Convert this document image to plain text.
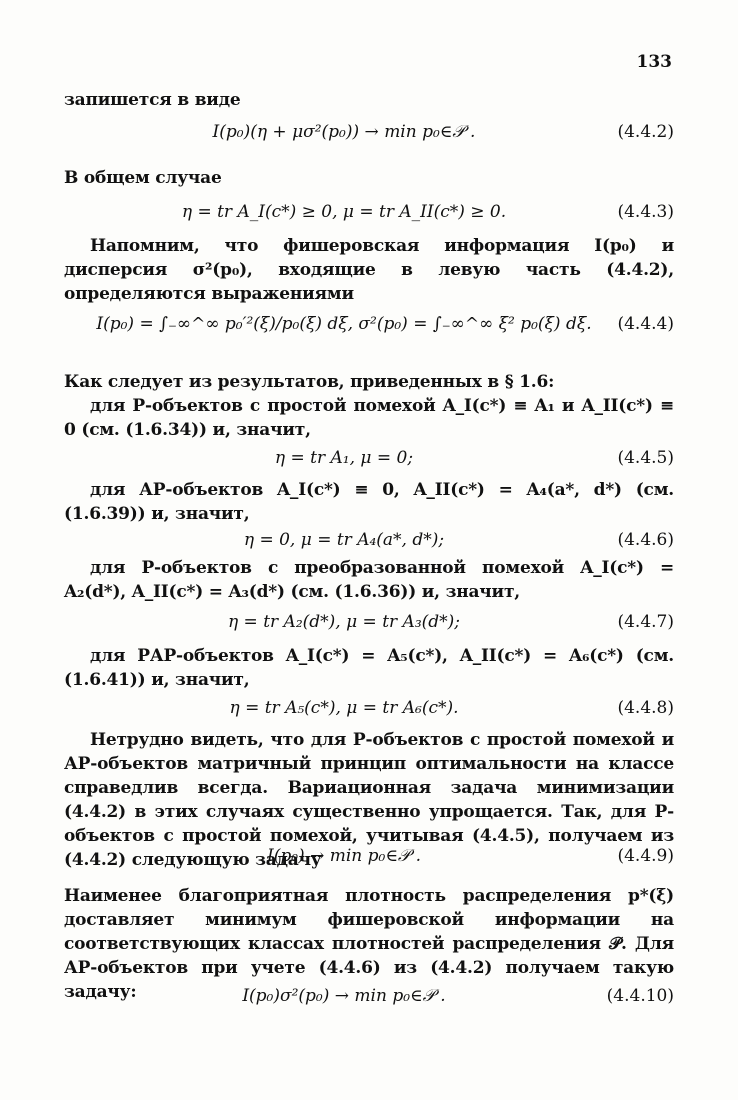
133
запишется в виде
I(p₀)(η + μσ²(p₀)) → min p₀∈𝒫 .	(4.4.2)
В общем случае
η = tr A_I(c*) ≥ 0, μ = tr A_II(c*) ≥ 0.	(4.4.3)
Напомним, что фишеровская информация I(p₀) и дисперсия σ²(p₀), входящие в левую часть (4.4.2), определяются выражениями
I(p₀) = ∫₋∞^∞ p₀′²(ξ)/p₀(ξ) dξ, σ²(p₀) = ∫₋∞^∞ ξ² p₀(ξ) dξ.	(4.4.4)
Как следует из результатов, приведенных в § 1.6:
для Р-объектов с простой помехой A_I(c*) ≡ A₁ и A_II(c*) ≡ 0 (см. (1.6.34)) и, значит,
η = tr A₁, μ = 0;	(4.4.5)
для АР-объектов A_I(c*) ≡ 0, A_II(c*) = A₄(a*, d*) (см. (1.6.39)) и, значит,
η = 0, μ = tr A₄(a*, d*);	(4.4.6)
для Р-объектов с преобразованной помехой A_I(c*) = A₂(d*), A_II(c*) = A₃(d*) (см. (1.6.36)) и, значит,
η = tr A₂(d*), μ = tr A₃(d*);	(4.4.7)
для РАР-объектов A_I(c*) = A₅(c*), A_II(c*) = A₆(c*) (см. (1.6.41)) и, значит,
η = tr A₅(c*), μ = tr A₆(c*).	(4.4.8)
Нетрудно видеть, что для Р-объектов с простой помехой и АР-объектов матричный принцип оптимальности на классе справедлив всегда. Вариационная задача минимизации (4.4.2) в этих случаях существенно упрощается. Так, для Р-объектов с простой помехой, учитывая (4.4.5), получаем из (4.4.2) следующую задачу
I(p₀) → min p₀∈𝒫 .	(4.4.9)
Наименее благоприятная плотность распределения p*(ξ) доставляет минимум фишеровской информации на соответствующих классах плотностей распределения 𝒫. Для АР-объектов при учете (4.4.6) из (4.4.2) получаем такую задачу:	I(p₀)σ²(p₀) → min p₀∈𝒫 .	(4.4.10)
